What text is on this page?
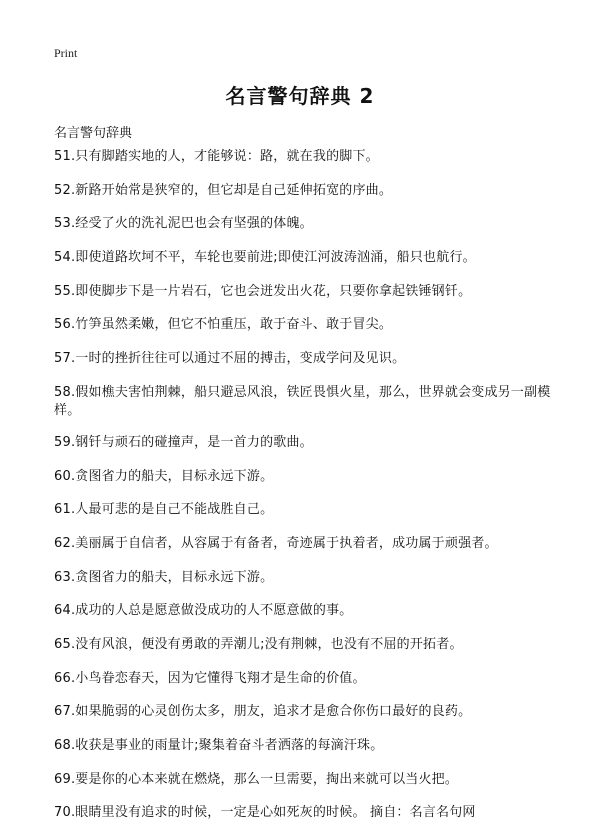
Print
名言警句辞典 2
名言警句辞典
51.只有脚踏实地的人，才能够说：路，就在我的脚下。
52.新路开始常是狭窄的，但它却是自己延伸拓宽的序曲。
53.经受了火的洗礼泥巴也会有坚强的体魄。
54.即使道路坎坷不平，车轮也要前进;即使江河波涛汹涌，船只也航行。
55.即使脚步下是一片岩石，它也会迸发出火花，只要你拿起铁锤钢钎。
56.竹笋虽然柔嫩，但它不怕重压，敢于奋斗、敢于冒尖。
57.一时的挫折往往可以通过不屈的搏击，变成学问及见识。
58.假如樵夫害怕荆棘，船只避忌风浪，铁匠畏惧火星，那么，世界就会变成另一副模样。
59.钢钎与顽石的碰撞声，是一首力的歌曲。
60.贪图省力的船夫，目标永远下游。
61.人最可悲的是自己不能战胜自己。
62.美丽属于自信者，从容属于有备者，奇迹属于执着者，成功属于顽强者。
63.贪图省力的船夫，目标永远下游。
64.成功的人总是愿意做没成功的人不愿意做的事。
65.没有风浪，便没有勇敢的弄潮儿;没有荆棘，也没有不屈的开拓者。
66.小鸟眷恋春天，因为它懂得飞翔才是生命的价值。
67.如果脆弱的心灵创伤太多，朋友，追求才是愈合你伤口最好的良药。
68.收获是事业的雨量计;聚集着奋斗者洒落的每滴汗珠。
69.要是你的心本来就在燃烧，那么一旦需要，掏出来就可以当火把。
70.眼睛里没有追求的时候，一定是心如死灰的时候。 摘自：名言名句网
